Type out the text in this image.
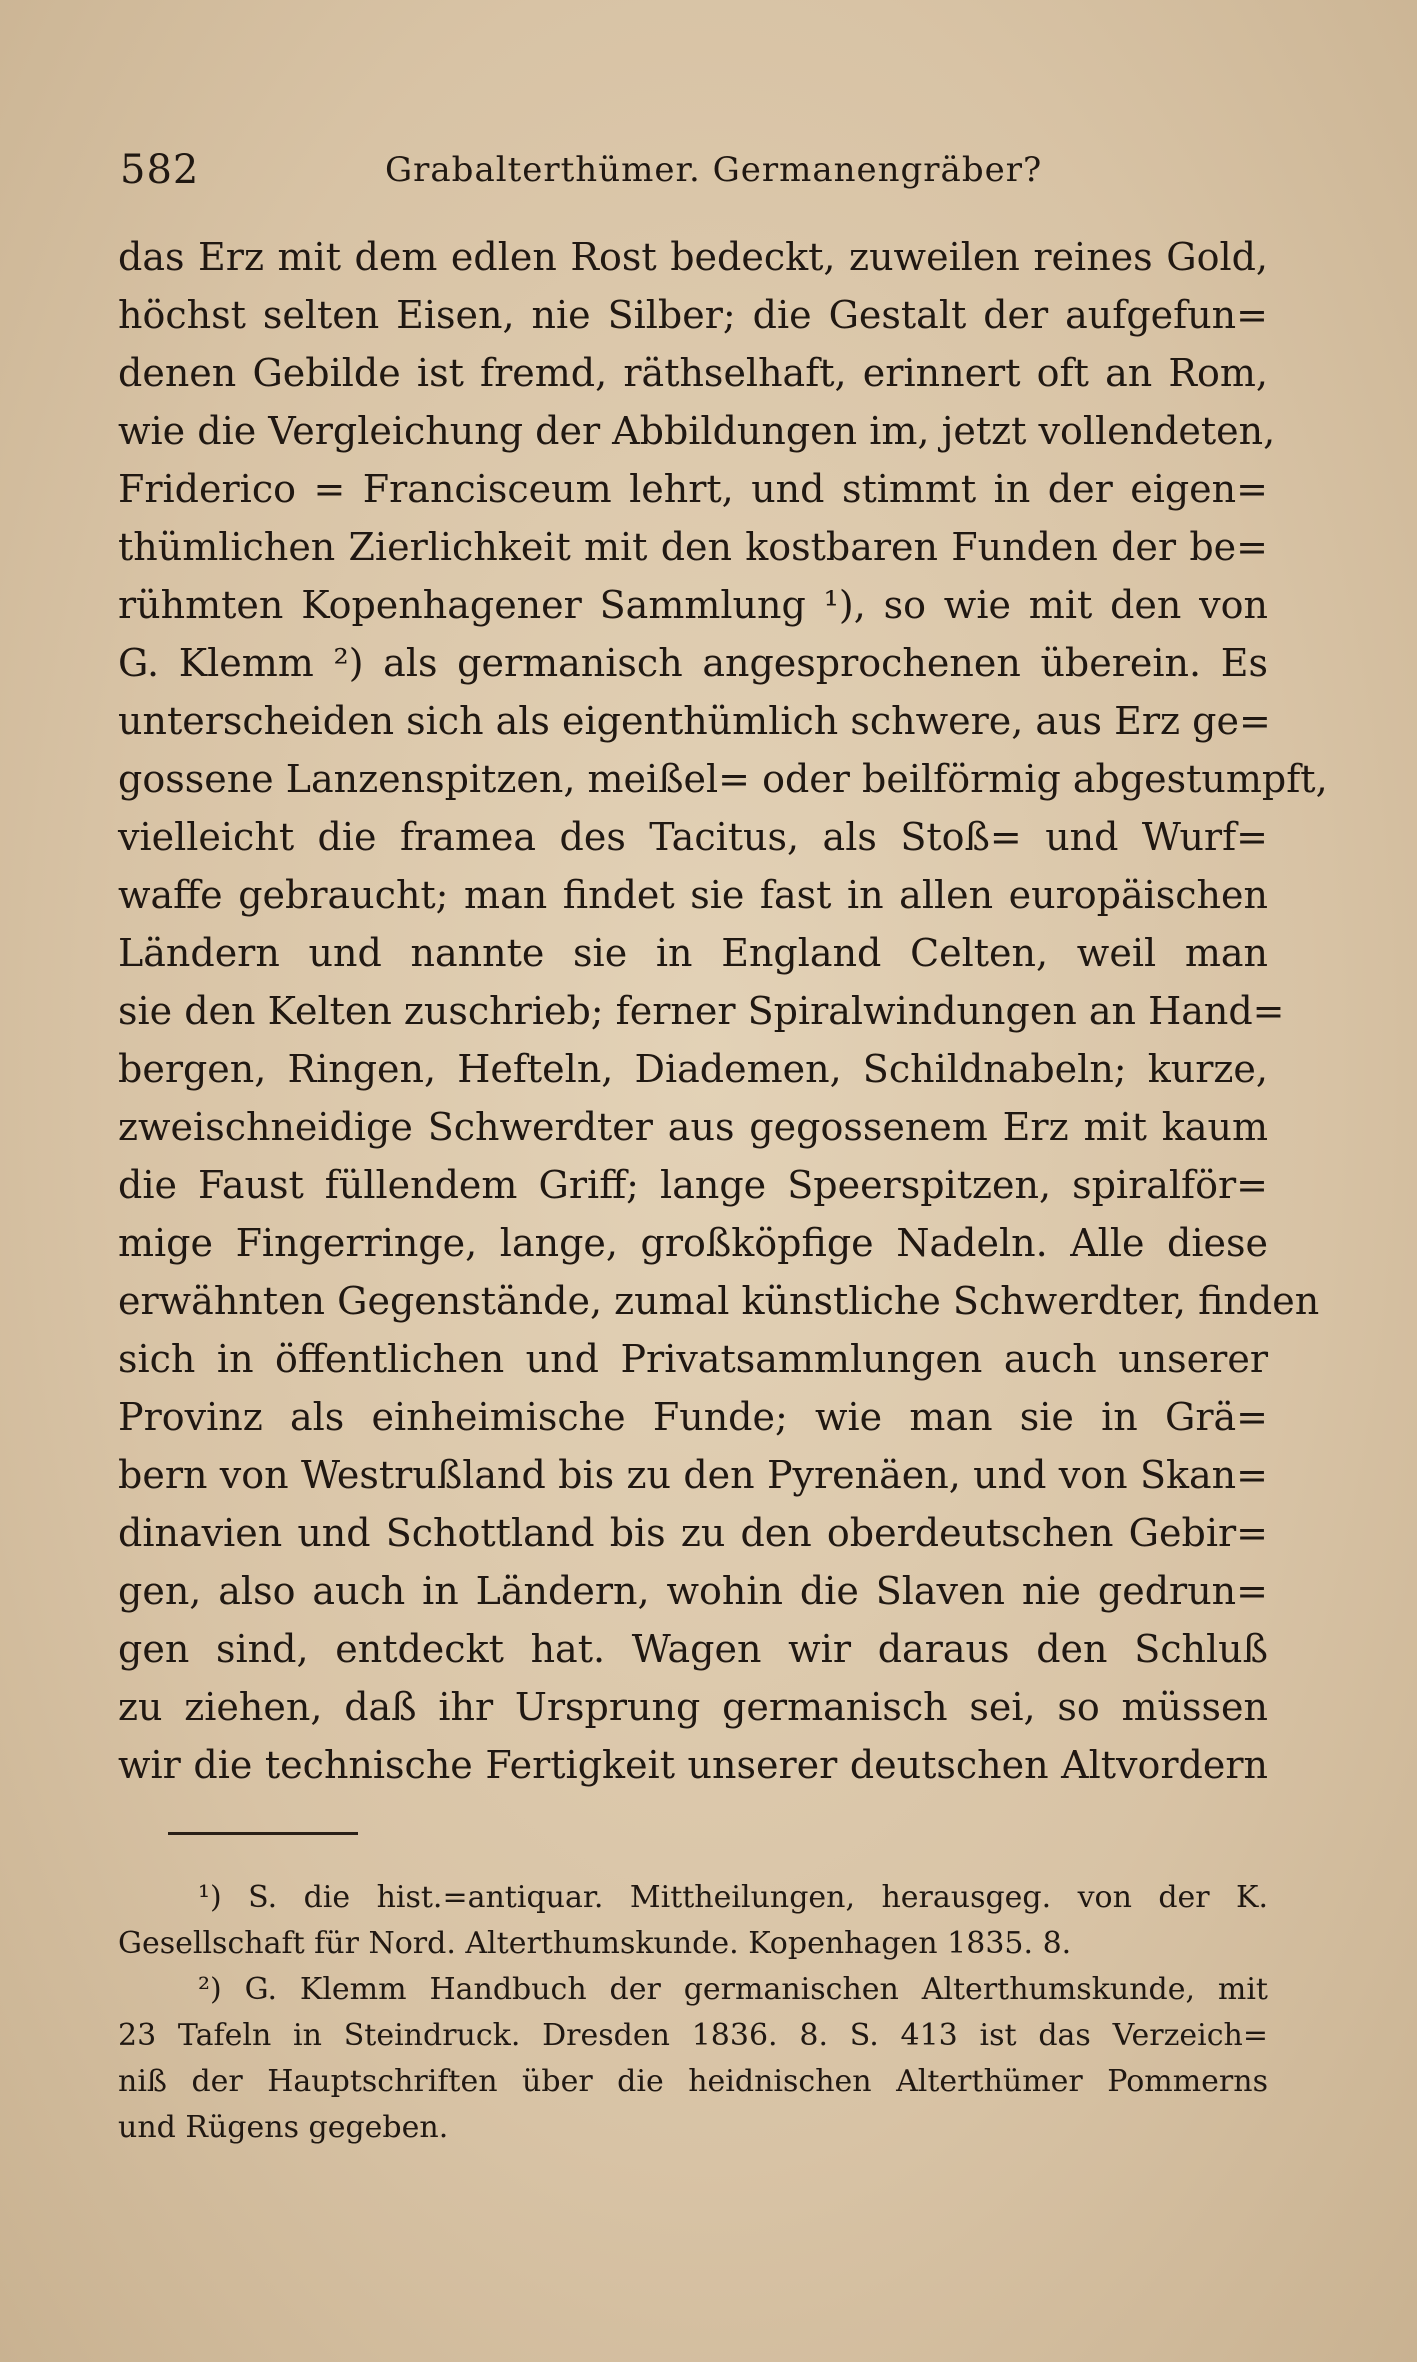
582	Grabalterthümer. Germanengräber?
das Erz mit dem edlen Rost bedeckt, zuweilen reines Gold,
höchst selten Eisen, nie Silber; die Gestalt der aufgefun=
denen Gebilde ist fremd, räthselhaft, erinnert oft an Rom,
wie die Vergleichung der Abbildungen im, jetzt vollendeten,
Friderico = Francisceum lehrt, und stimmt in der eigen=
thümlichen Zierlichkeit mit den kostbaren Funden der be=
rühmten Kopenhagener Sammlung ¹), so wie mit den von
G. Klemm ²) als germanisch angesprochenen überein. Es
unterscheiden sich als eigenthümlich schwere, aus Erz ge=
gossene Lanzenspitzen, meißel= oder beilförmig abgestumpft,
vielleicht die framea des Tacitus, als Stoß= und Wurf=
waffe gebraucht; man findet sie fast in allen europäischen
Ländern und nannte sie in England Celten, weil man
sie den Kelten zuschrieb; ferner Spiralwindungen an Hand=
bergen, Ringen, Hefteln, Diademen, Schildnabeln; kurze,
zweischneidige Schwerdter aus gegossenem Erz mit kaum
die Faust füllendem Griff; lange Speerspitzen, spiralför=
mige Fingerringe, lange, großköpfige Nadeln. Alle diese
erwähnten Gegenstände, zumal künstliche Schwerdter, finden
sich in öffentlichen und Privatsammlungen auch unserer
Provinz als einheimische Funde; wie man sie in Grä=
bern von Westrußland bis zu den Pyrenäen, und von Skan=
dinavien und Schottland bis zu den oberdeutschen Gebir=
gen, also auch in Ländern, wohin die Slaven nie gedrun=
gen sind, entdeckt hat. Wagen wir daraus den Schluß
zu ziehen, daß ihr Ursprung germanisch sei, so müssen
wir die technische Fertigkeit unserer deutschen Altvordern
¹) S. die hist.=antiquar. Mittheilungen, herausgeg. von der K.
Gesellschaft für Nord. Alterthumskunde. Kopenhagen 1835. 8.
²) G. Klemm Handbuch der germanischen Alterthumskunde, mit
23 Tafeln in Steindruck. Dresden 1836. 8. S. 413 ist das Verzeich=
niß der Hauptschriften über die heidnischen Alterthümer Pommerns
und Rügens gegeben.
